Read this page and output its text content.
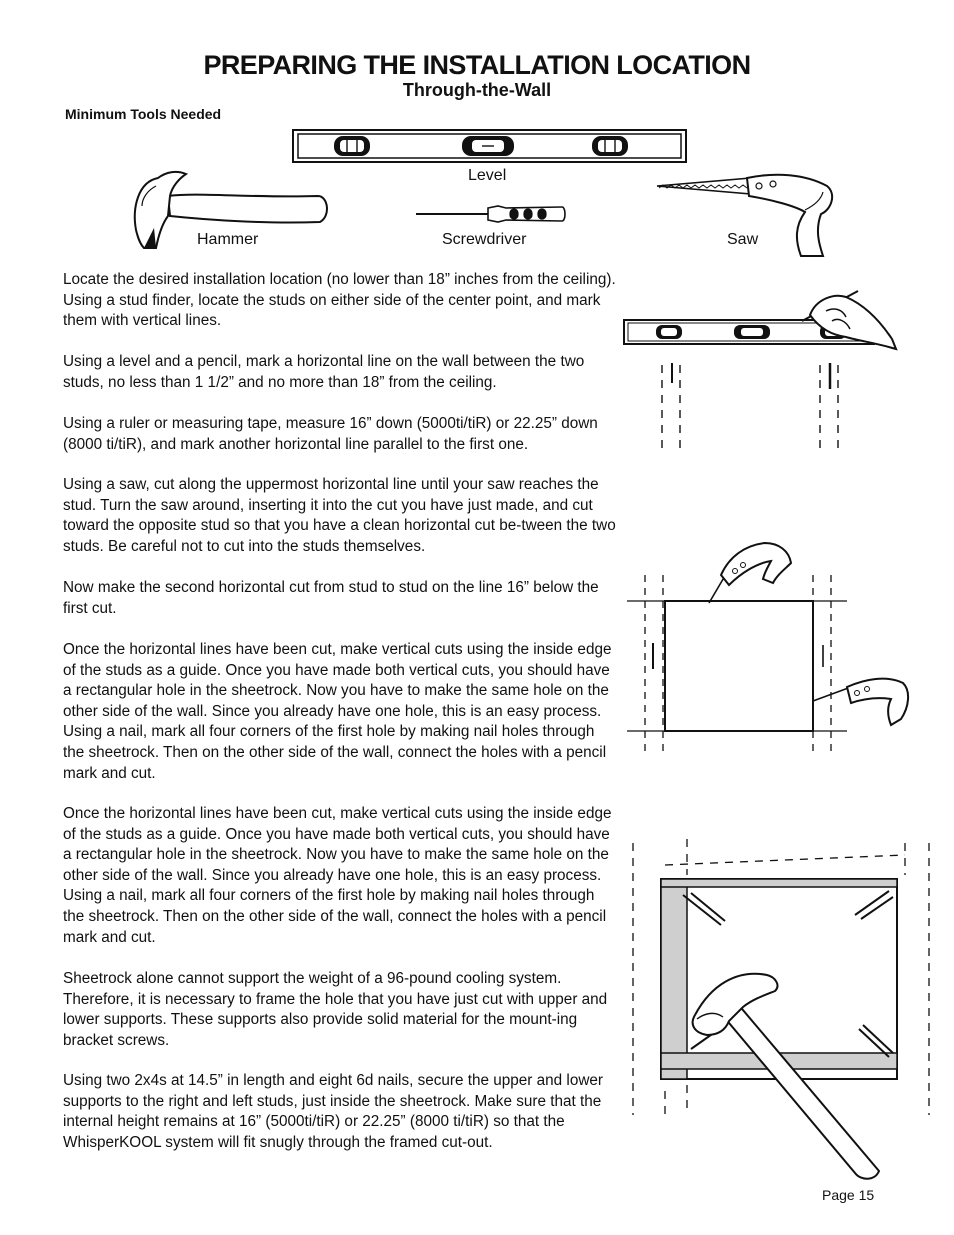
PREPARING THE INSTALLATION LOCATION
Through-the-Wall
Minimum Tools Needed
Level
Hammer	Screwdriver	Saw

Locate the desired installation location (no lower than 18” inches from the ceiling). Using a stud finder, locate the studs on either side of the center point, and mark them with vertical lines.

Using a level and a pencil, mark a horizontal line on the wall between the two studs, no less than 1 1/2” and no more than 18” from the ceiling.

Using a ruler or measuring tape, measure 16” down (5000ti/tiR) or 22.25” down (8000 ti/tiR), and mark another horizontal line parallel to the first one.

Using a saw, cut along the uppermost horizontal line until your saw reaches the stud. Turn the saw around, inserting it into the cut you have just made, and cut toward the opposite stud so that you have a clean horizontal cut be-tween the two studs. Be careful not to cut into the studs themselves.

Now make the second horizontal cut from stud to stud on the line 16” below the first cut.

Once the horizontal lines have been cut, make vertical cuts using the inside edge of the studs as a guide. Once you have made both vertical cuts, you should have a rectangular hole in the sheetrock. Now you have to make the same hole on the other side of the wall. Since you already have one hole, this is an easy process. Using a nail, mark all four corners of the first hole by making nail holes through the sheetrock. Then on the other side of the wall, connect the holes with a pencil mark and cut.

Once the horizontal lines have been cut, make vertical cuts using the inside edge of the studs as a guide. Once you have made both vertical cuts, you should have a rectangular hole in the sheetrock. Now you have to make the same hole on the other side of the wall. Since you already have one hole, this is an easy process. Using a nail, mark all four corners of the first hole by making nail holes through the sheetrock. Then on the other side of the wall, connect the holes with a pencil mark and cut.

Sheetrock alone cannot support the weight of a 96-pound cooling system. Therefore, it is necessary to frame the hole that you have just cut with upper and lower supports. These supports also provide solid material for the mount-ing bracket screws.

Using two 2x4s at 14.5” in length and eight 6d nails, secure the upper and lower supports to the right and left studs, just inside the sheetrock. Make sure that the internal height remains at 16” (5000ti/tiR) or 22.25” (8000 ti/tiR) so that the WhisperKOOL system will fit snugly through the framed cut-out.

Page 15
